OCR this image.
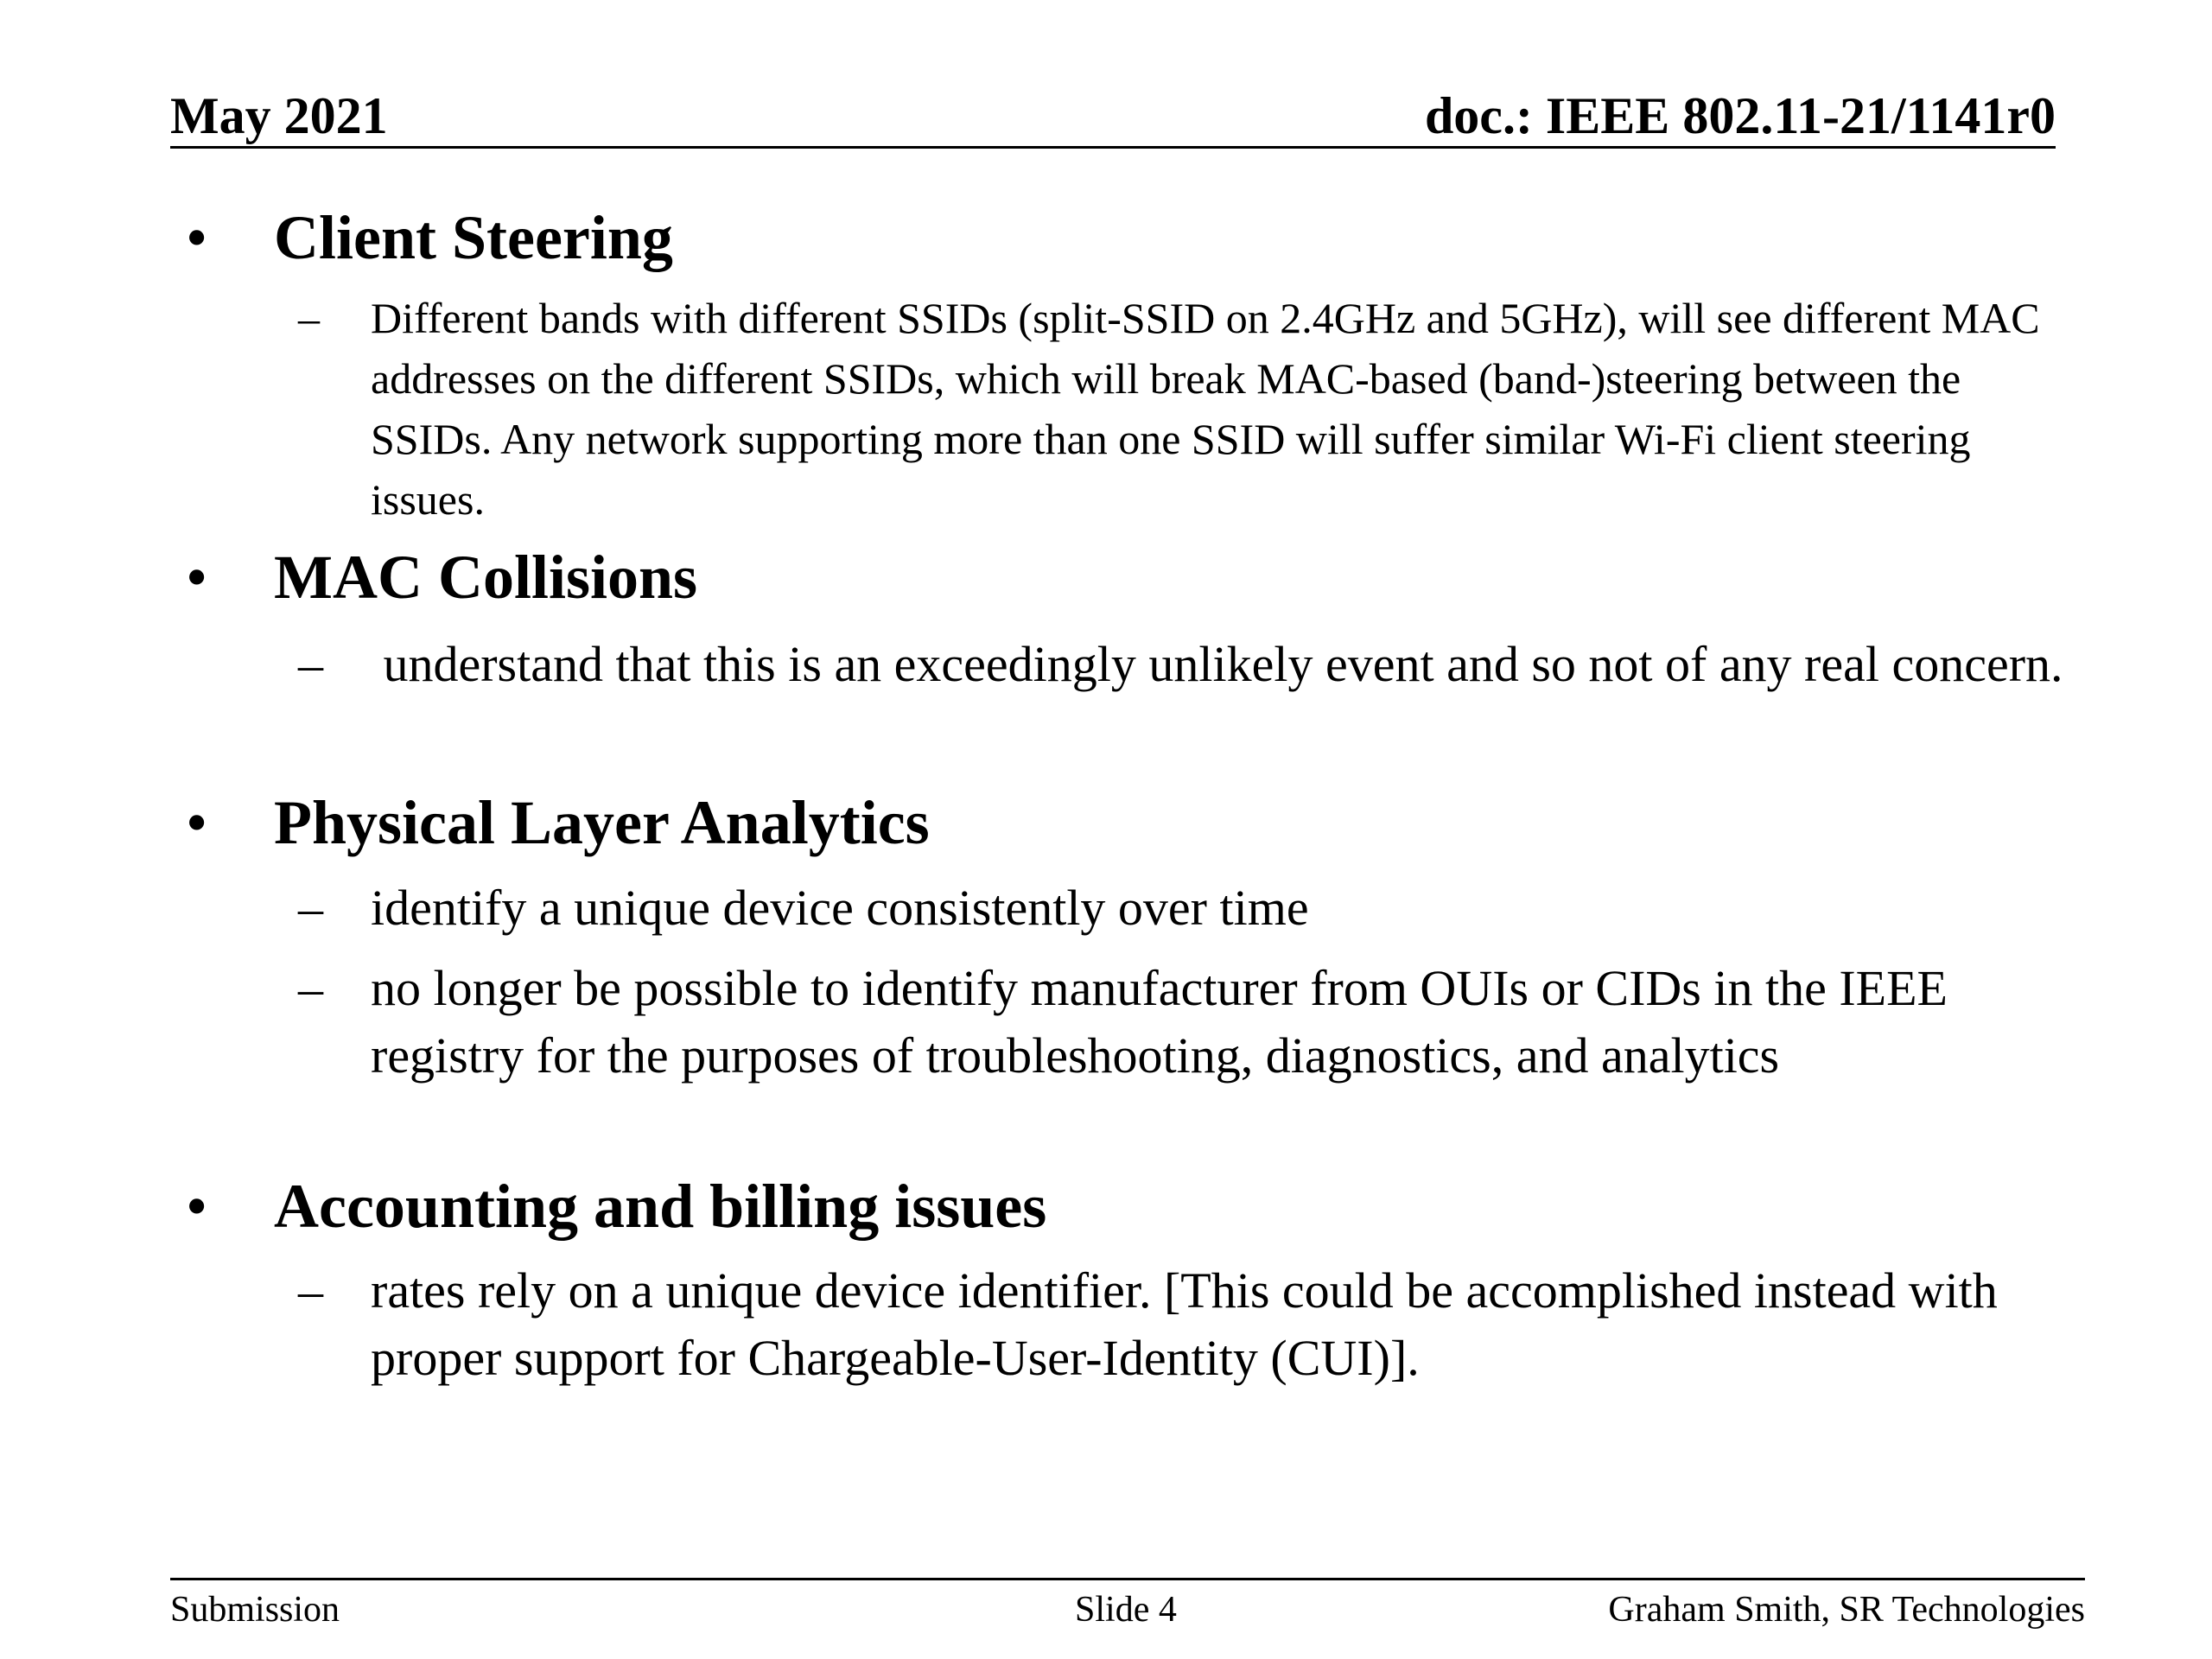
May 2021	doc.: IEEE 802.11-21/1141r0
•	Client Steering
–	Different bands with different SSIDs (split-SSID on 2.4GHz and 5GHz), will see different MAC addresses on the different SSIDs, which will break MAC-based (band-)steering between the SSIDs. Any network supporting more than one SSID will suffer similar Wi-Fi client steering issues.
•	MAC Collisions
– understand that this is an exceedingly unlikely event and so not of any real concern.
•	Physical Layer Analytics
– identify a unique device consistently over time
– no longer be possible to identify manufacturer from OUIs or CIDs in the IEEE registry for the purposes of troubleshooting, diagnostics, and analytics
•	Accounting and billing issues
– rates rely on a unique device identifier. [This could be accomplished instead with proper support for Chargeable-User-Identity (CUI)].
Submission	Slide 4	Graham Smith, SR Technologies
